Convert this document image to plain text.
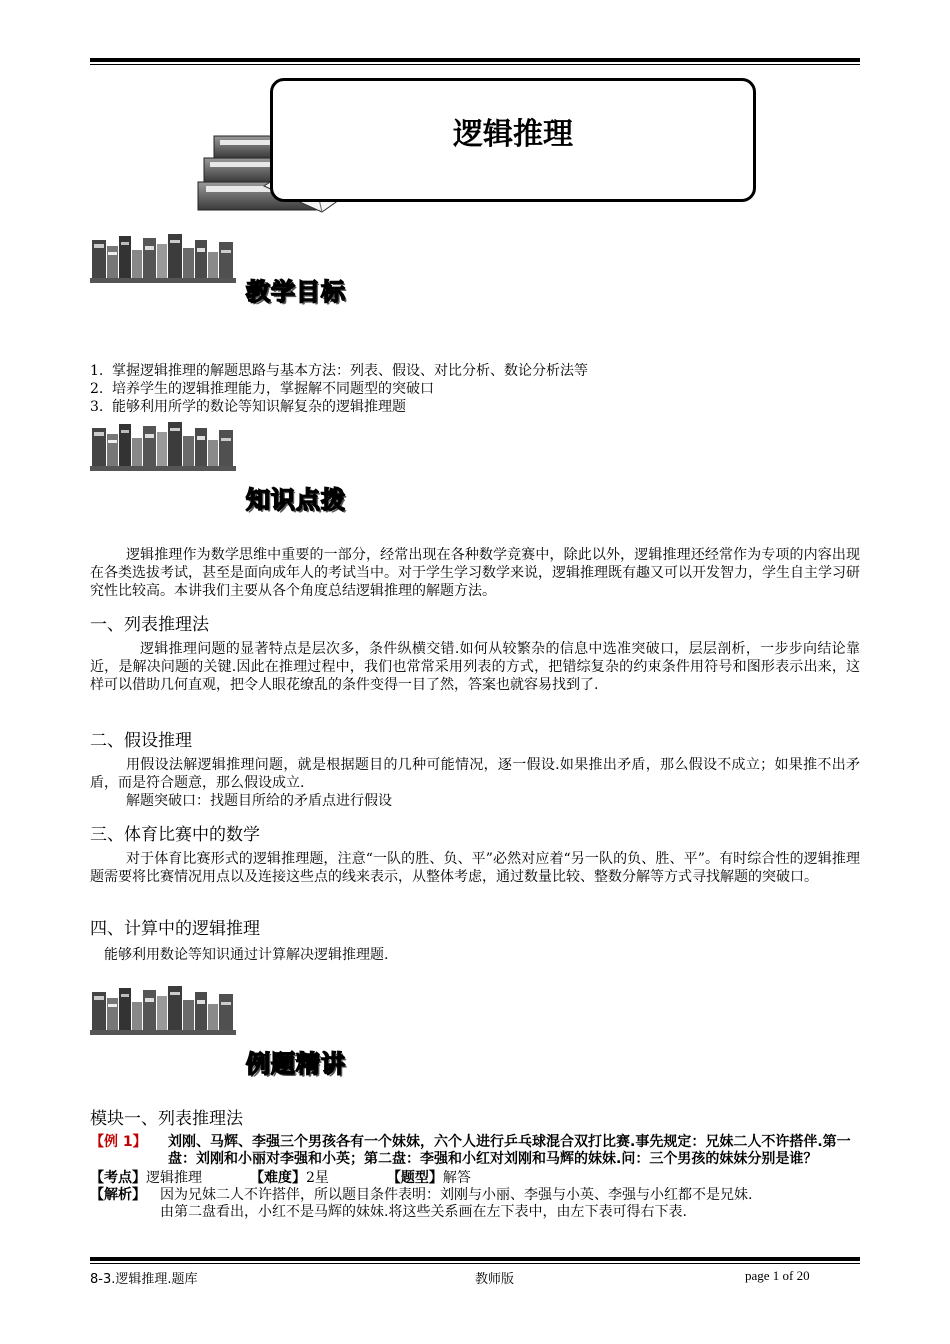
逻辑推理
教学目标
1. 掌握逻辑推理的解题思路与基本方法：列表、假设、对比分析、数论分析法等
2. 培养学生的逻辑推理能力，掌握解不同题型的突破口
3. 能够利用所学的数论等知识解复杂的逻辑推理题
知识点拨
逻辑推理作为数学思维中重要的一部分，经常出现在各种数学竞赛中，除此以外，逻辑推理还经常作为专项的内容出现在各类选拔考试，甚至是面向成年人的考试当中。对于学生学习数学来说，逻辑推理既有趣又可以开发智力，学生自主学习研究性比较高。本讲我们主要从各个角度总结逻辑推理的解题方法。
一、列表推理法
逻辑推理问题的显著特点是层次多，条件纵横交错.如何从较繁杂的信息中选准突破口，层层剖析，一步步向结论靠近，是解决问题的关键.因此在推理过程中，我们也常常采用列表的方式，把错综复杂的约束条件用符号和图形表示出来，这样可以借助几何直观，把令人眼花缭乱的条件变得一目了然，答案也就容易找到了.
二、假设推理
用假设法解逻辑推理问题，就是根据题目的几种可能情况，逐一假设.如果推出矛盾，那么假设不成立；如果推不出矛盾，而是符合题意，那么假设成立.
解题突破口：找题目所给的矛盾点进行假设
三、体育比赛中的数学
对于体育比赛形式的逻辑推理题，注意“一队的胜、负、平”必然对应着“另一队的负、胜、平”。有时综合性的逻辑推理题需要将比赛情况用点以及连接这些点的线来表示，从整体考虑，通过数量比较、整数分解等方式寻找解题的突破口。
四、计算中的逻辑推理
能够利用数论等知识通过计算解决逻辑推理题.
例题精讲
模块一、列表推理法
【例 1】	刘刚、马辉、李强三个男孩各有一个妹妹，六个人进行乒乓球混合双打比赛.事先规定：兄妹二人不许搭伴.第一盘：刘刚和小丽对李强和小英；第二盘：李强和小红对刘刚和马辉的妹妹.问：三个男孩的妹妹分别是谁？
【考点】逻辑推理	【难度】2星	【题型】解答
【解析】	因为兄妹二人不许搭伴，所以题目条件表明：刘刚与小丽、李强与小英、李强与小红都不是兄妹.
由第二盘看出，小红不是马辉的妹妹.将这些关系画在左下表中，由左下表可得右下表.
8-3.逻辑推理.题库	教师版	page 1 of 20
